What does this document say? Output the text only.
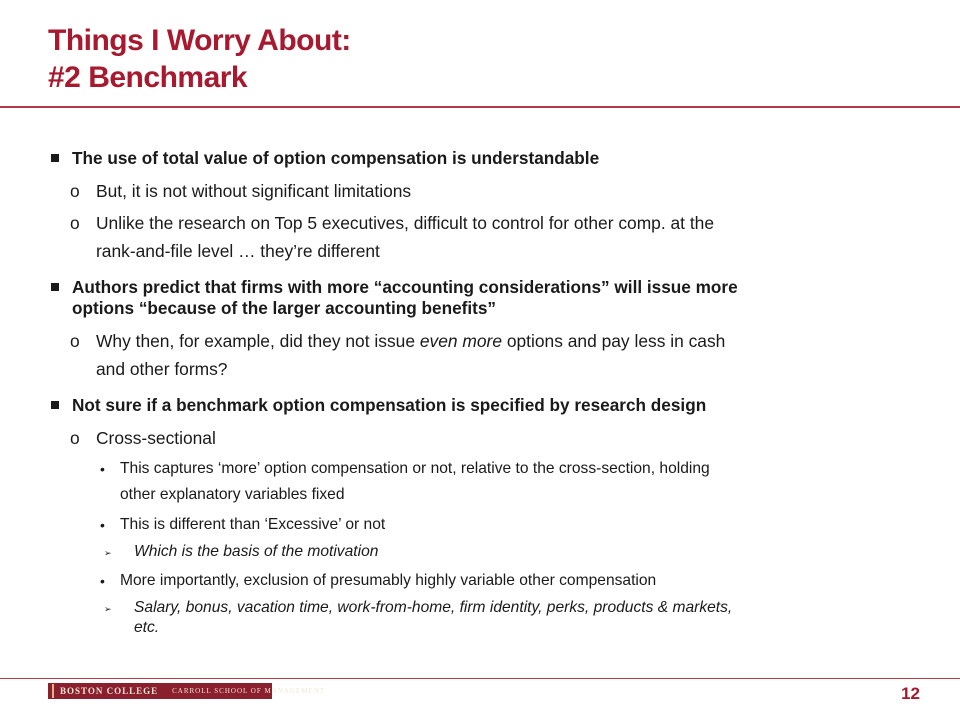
Things I Worry About:
#2 Benchmark
The use of total value of option compensation is understandable
o But, it is not without significant limitations
o Unlike the research on Top 5 executives, difficult to control for other comp. at the
rank-and-file level … they’re different
Authors predict that firms with more “accounting considerations” will issue more
options “because of the larger accounting benefits”
o Why then, for example, did they not issue even more options and pay less in cash
and other forms?
Not sure if a benchmark option compensation is specified by research design
o Cross-sectional
• This captures ‘more’ option compensation or not, relative to the cross-section, holding
other explanatory variables fixed
• This is different than ‘Excessive’ or not
➢ Which is the basis of the motivation
• More importantly, exclusion of presumably highly variable other compensation
➢ Salary, bonus, vacation time, work-from-home, firm identity, perks, products & markets,
etc.
BOSTON COLLEGE CARROLL SCHOOL OF MANAGEMENT	12
